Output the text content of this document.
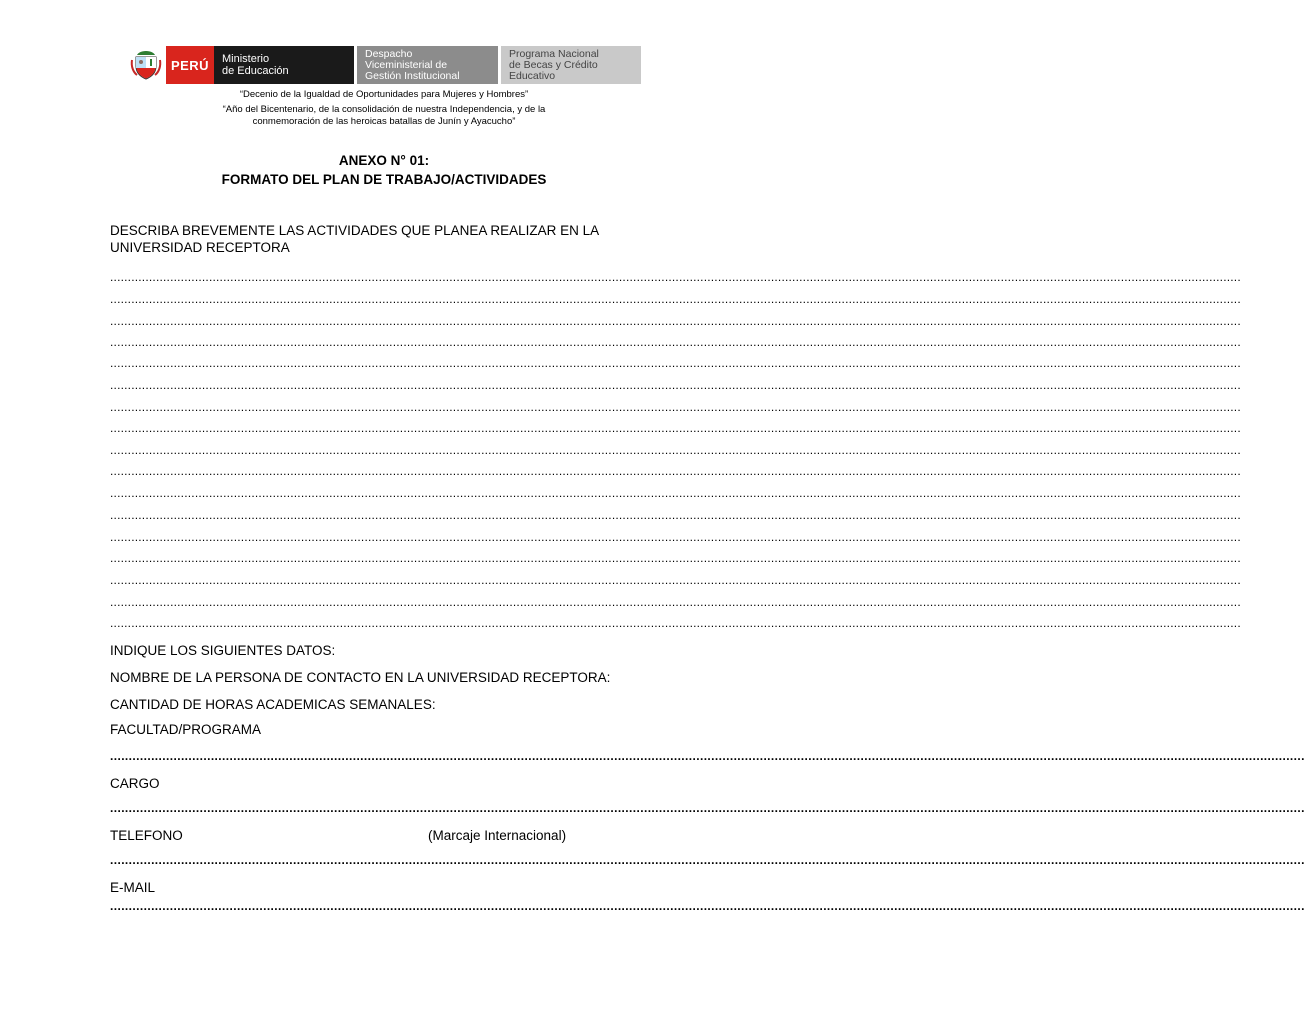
PERÚ Ministerio
de Educación
Despacho
Viceministerial de
Gestión Institucional
Programa Nacional
de Becas y Crédito
Educativo
“Decenio de la Igualdad de Oportunidades para Mujeres y Hombres”
“Año del Bicentenario, de la consolidación de nuestra Independencia, y de la
conmemoración de las heroicas batallas de Junín y Ayacucho”
ANEXO N° 01:
FORMATO DEL PLAN DE TRABAJO/ACTIVIDADES
DESCRIBA BREVEMENTE LAS ACTIVIDADES QUE PLANEA REALIZAR EN LA
UNIVERSIDAD RECEPTORA
................................................................................................................................................................................................................................................................................................................................
................................................................................................................................................................................................................................................................................................................................
................................................................................................................................................................................................................................................................................................................................
................................................................................................................................................................................................................................................................................................................................
................................................................................................................................................................................................................................................................................................................................
................................................................................................................................................................................................................................................................................................................................
................................................................................................................................................................................................................................................................................................................................
................................................................................................................................................................................................................................................................................................................................
................................................................................................................................................................................................................................................................................................................................
................................................................................................................................................................................................................................................................................................................................
................................................................................................................................................................................................................................................................................................................................
................................................................................................................................................................................................................................................................................................................................
................................................................................................................................................................................................................................................................................................................................
................................................................................................................................................................................................................................................................................................................................
................................................................................................................................................................................................................................................................................................................................
................................................................................................................................................................................................................................................................................................................................
................................................................................................................................................................................................................................................................................................................................
INDIQUE LOS SIGUIENTES DATOS:
NOMBRE DE LA PERSONA DE CONTACTO EN LA UNIVERSIDAD RECEPTORA:
CANTIDAD DE HORAS ACADEMICAS SEMANALES:
FACULTAD/PROGRAMA
................................................................................................................................................................................................................................................................................................................................
CARGO
................................................................................................................................................................................................................................................................................................................................
TELEFONO	(Marcaje Internacional)
................................................................................................................................................................................................................................................................................................................................
E-MAIL
................................................................................................................................................................................................................................................................................................................................
